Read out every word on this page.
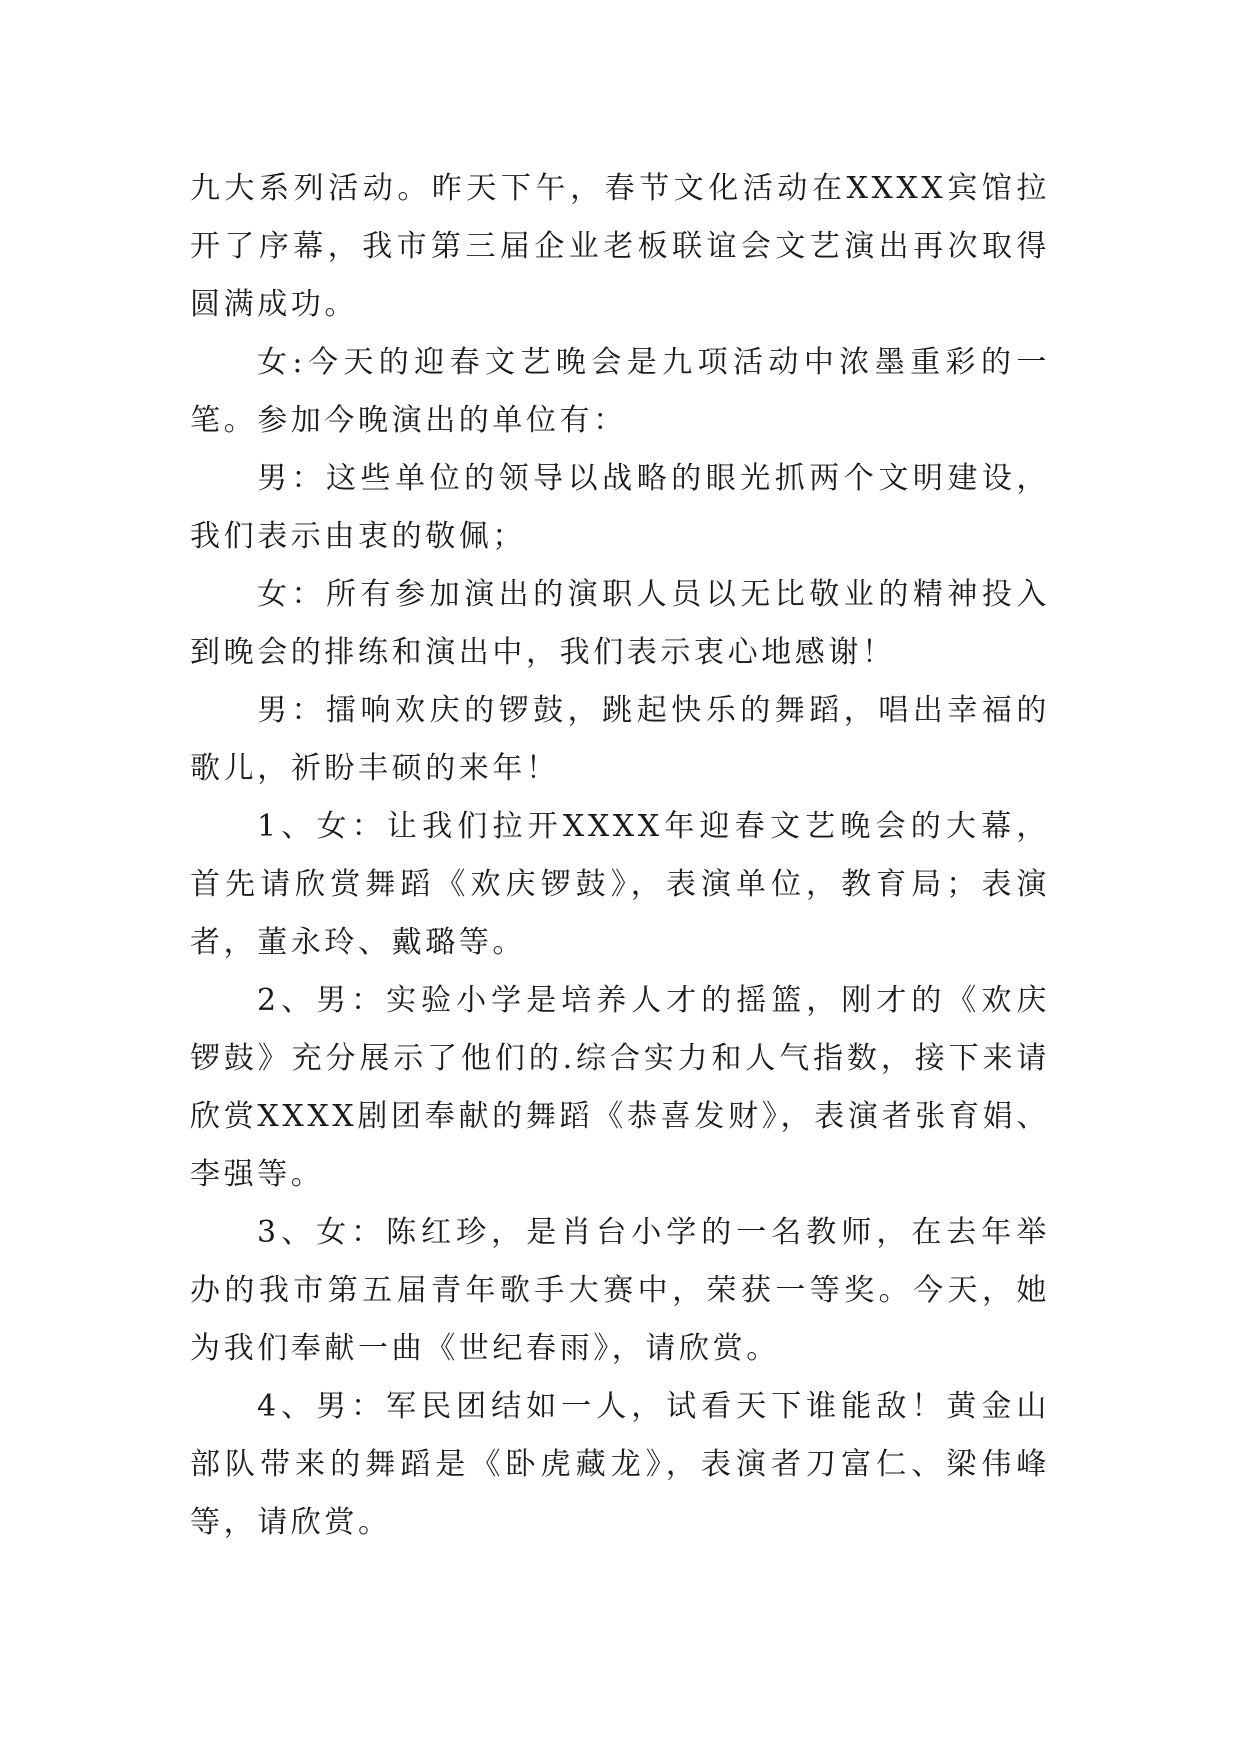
九大系列活动。昨天下午，春节文化活动在XXXX宾馆拉开了序幕，我市第三届企业老板联谊会文艺演出再次取得圆满成功。

女:今天的迎春文艺晚会是九项活动中浓墨重彩的一笔。参加今晚演出的单位有：

男：这些单位的领导以战略的眼光抓两个文明建设，我们表示由衷的敬佩；

女：所有参加演出的演职人员以无比敬业的精神投入到晚会的排练和演出中，我们表示衷心地感谢！

男：擂响欢庆的锣鼓，跳起快乐的舞蹈，唱出幸福的歌儿，祈盼丰硕的来年！

1、女：让我们拉开XXXX年迎春文艺晚会的大幕，首先请欣赏舞蹈《欢庆锣鼓》，表演单位，教育局；表演者，董永玲、戴璐等。

2、男：实验小学是培养人才的摇篮，刚才的《欢庆锣鼓》充分展示了他们的.综合实力和人气指数，接下来请欣赏XXXX剧团奉献的舞蹈《恭喜发财》，表演者张育娟、李强等。

3、女：陈红珍，是肖台小学的一名教师，在去年举办的我市第五届青年歌手大赛中，荣获一等奖。今天，她为我们奉献一曲《世纪春雨》，请欣赏。

4、男：军民团结如一人，试看天下谁能敌！黄金山部队带来的舞蹈是《卧虎藏龙》，表演者刀富仁、梁伟峰等，请欣赏。
